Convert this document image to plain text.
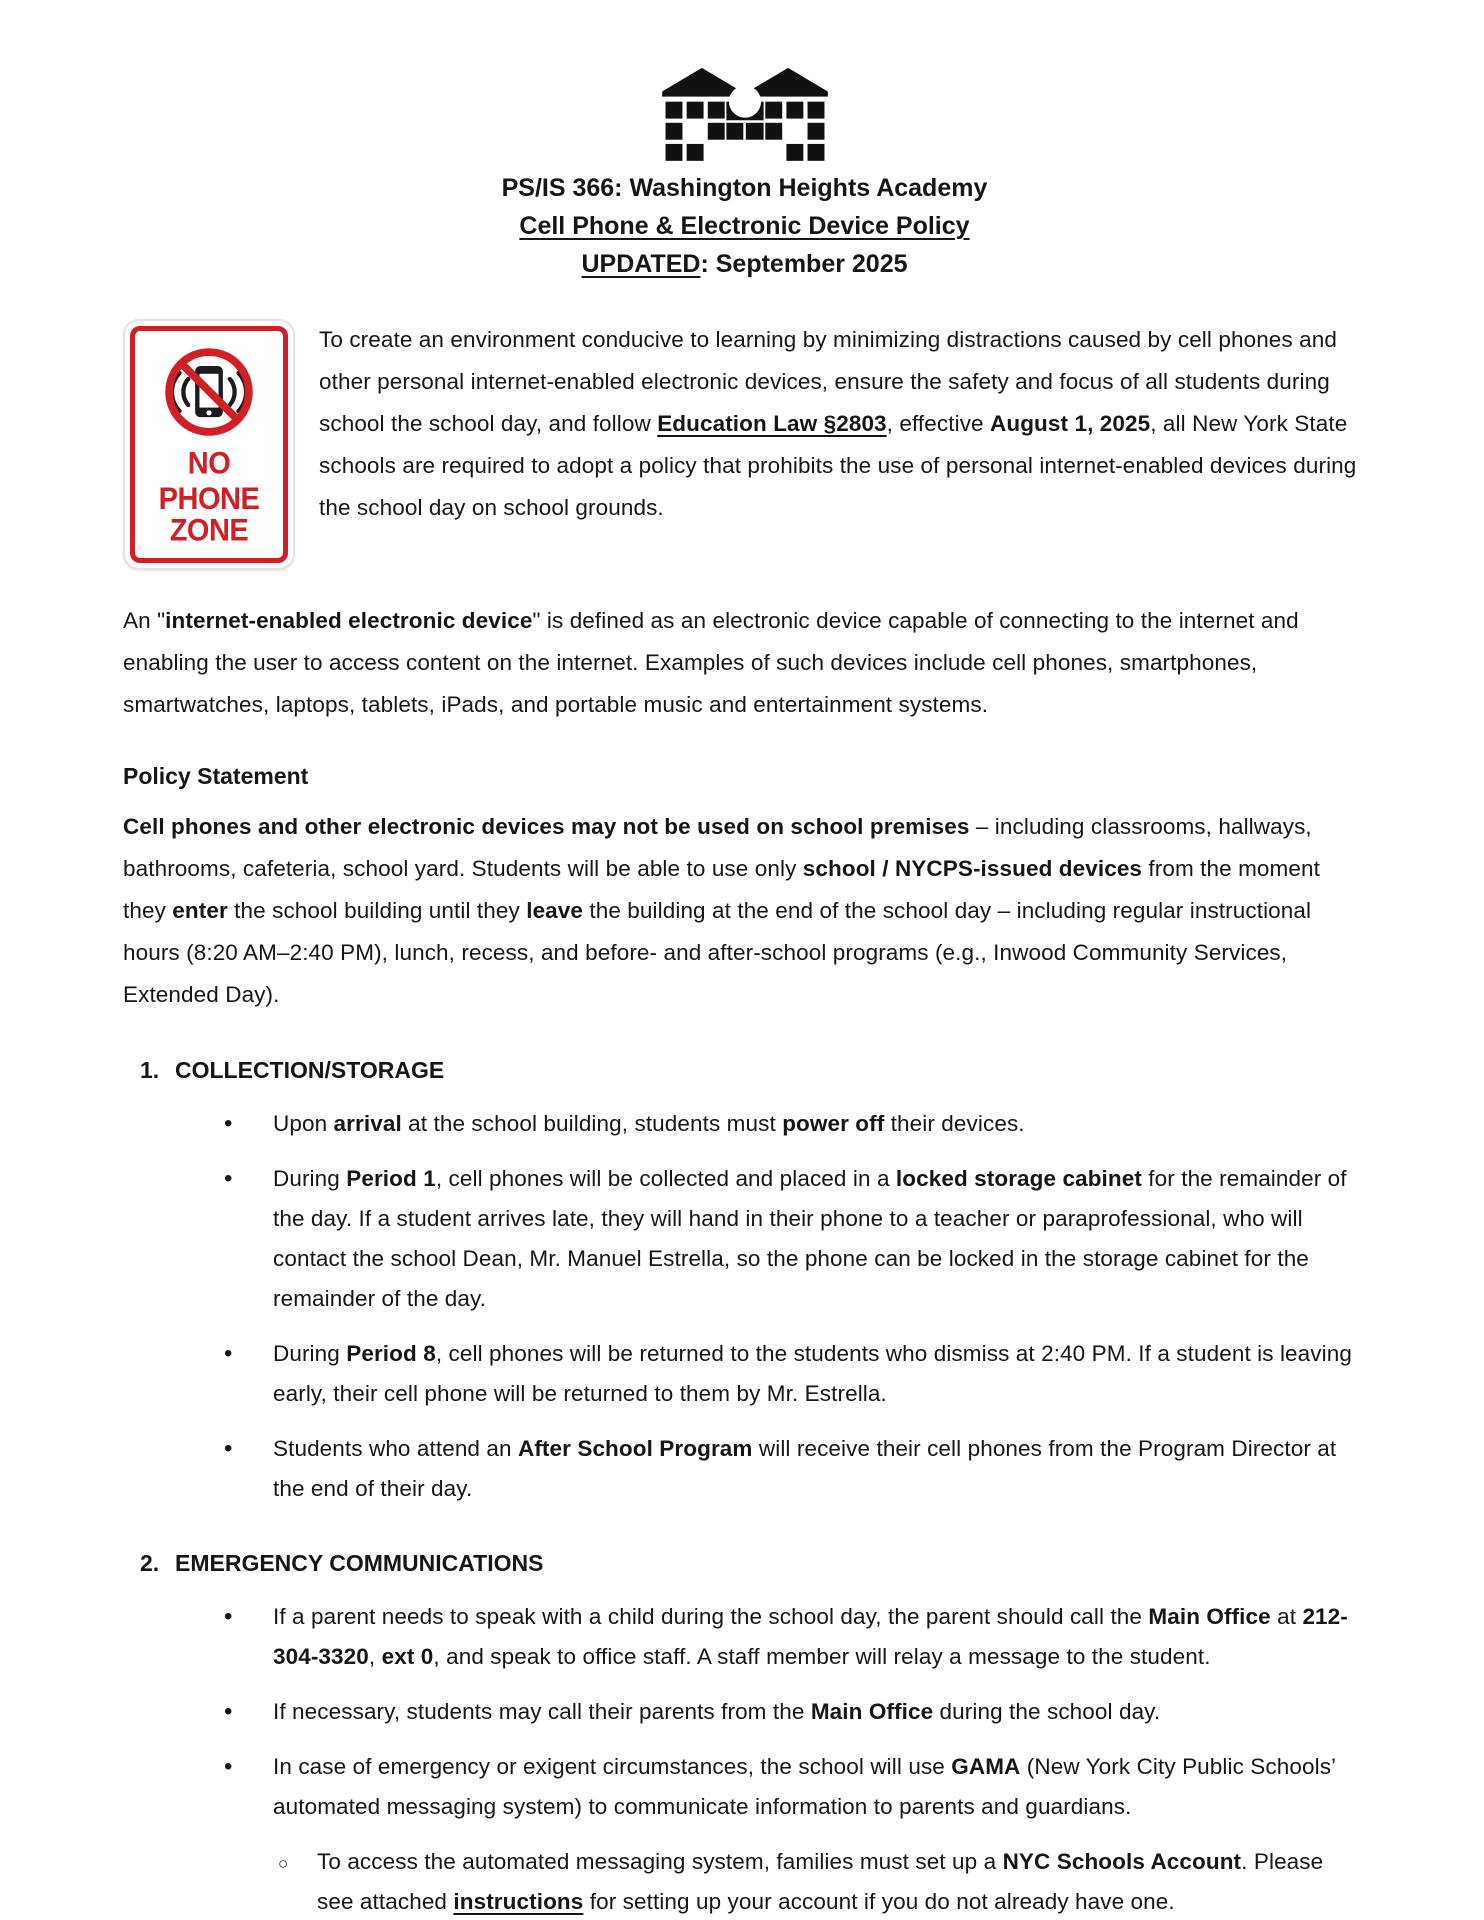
PS/IS 366: Washington Heights Academy
Cell Phone & Electronic Device Policy
UPDATED: September 2025
NO PHONE
ZONE

To create an environment conducive to learning by minimizing distractions caused by cell phones and other personal internet-enabled electronic devices, ensure the safety and focus of all students during school the school day, and follow Education Law §2803, effective August 1, 2025, all New York State schools are required to adopt a policy that prohibits the use of personal internet-enabled devices during the school day on school grounds.

An "internet-enabled electronic device" is defined as an electronic device capable of connecting to the internet and enabling the user to access content on the internet. Examples of such devices include cell phones, smartphones, smartwatches, laptops, tablets, iPads, and portable music and entertainment systems.

Policy Statement

Cell phones and other electronic devices may not be used on school premises – including classrooms, hallways, bathrooms, cafeteria, school yard. Students will be able to use only school / NYCPS-issued devices from the moment they enter the school building until they leave the building at the end of the school day – including regular instructional hours (8:20 AM–2:40 PM), lunch, recess, and before- and after-school programs (e.g., Inwood Community Services, Extended Day).

1. COLLECTION/STORAGE
• Upon arrival at the school building, students must power off their devices.
• During Period 1, cell phones will be collected and placed in a locked storage cabinet for the remainder of the day. If a student arrives late, they will hand in their phone to a teacher or paraprofessional, who will contact the school Dean, Mr. Manuel Estrella, so the phone can be locked in the storage cabinet for the remainder of the day.
• During Period 8, cell phones will be returned to the students who dismiss at 2:40 PM. If a student is leaving early, their cell phone will be returned to them by Mr. Estrella.
• Students who attend an After School Program will receive their cell phones from the Program Director at the end of their day.
2. EMERGENCY COMMUNICATIONS
• If a parent needs to speak with a child during the school day, the parent should call the Main Office at 212-304-3320, ext 0, and speak to office staff. A staff member will relay a message to the student.
• If necessary, students may call their parents from the Main Office during the school day.
• In case of emergency or exigent circumstances, the school will use GAMA (New York City Public Schools’ automated messaging system) to communicate information to parents and guardians.
○ To access the automated messaging system, families must set up a NYC Schools Account. Please see attached instructions for setting up your account if you do not already have one.
